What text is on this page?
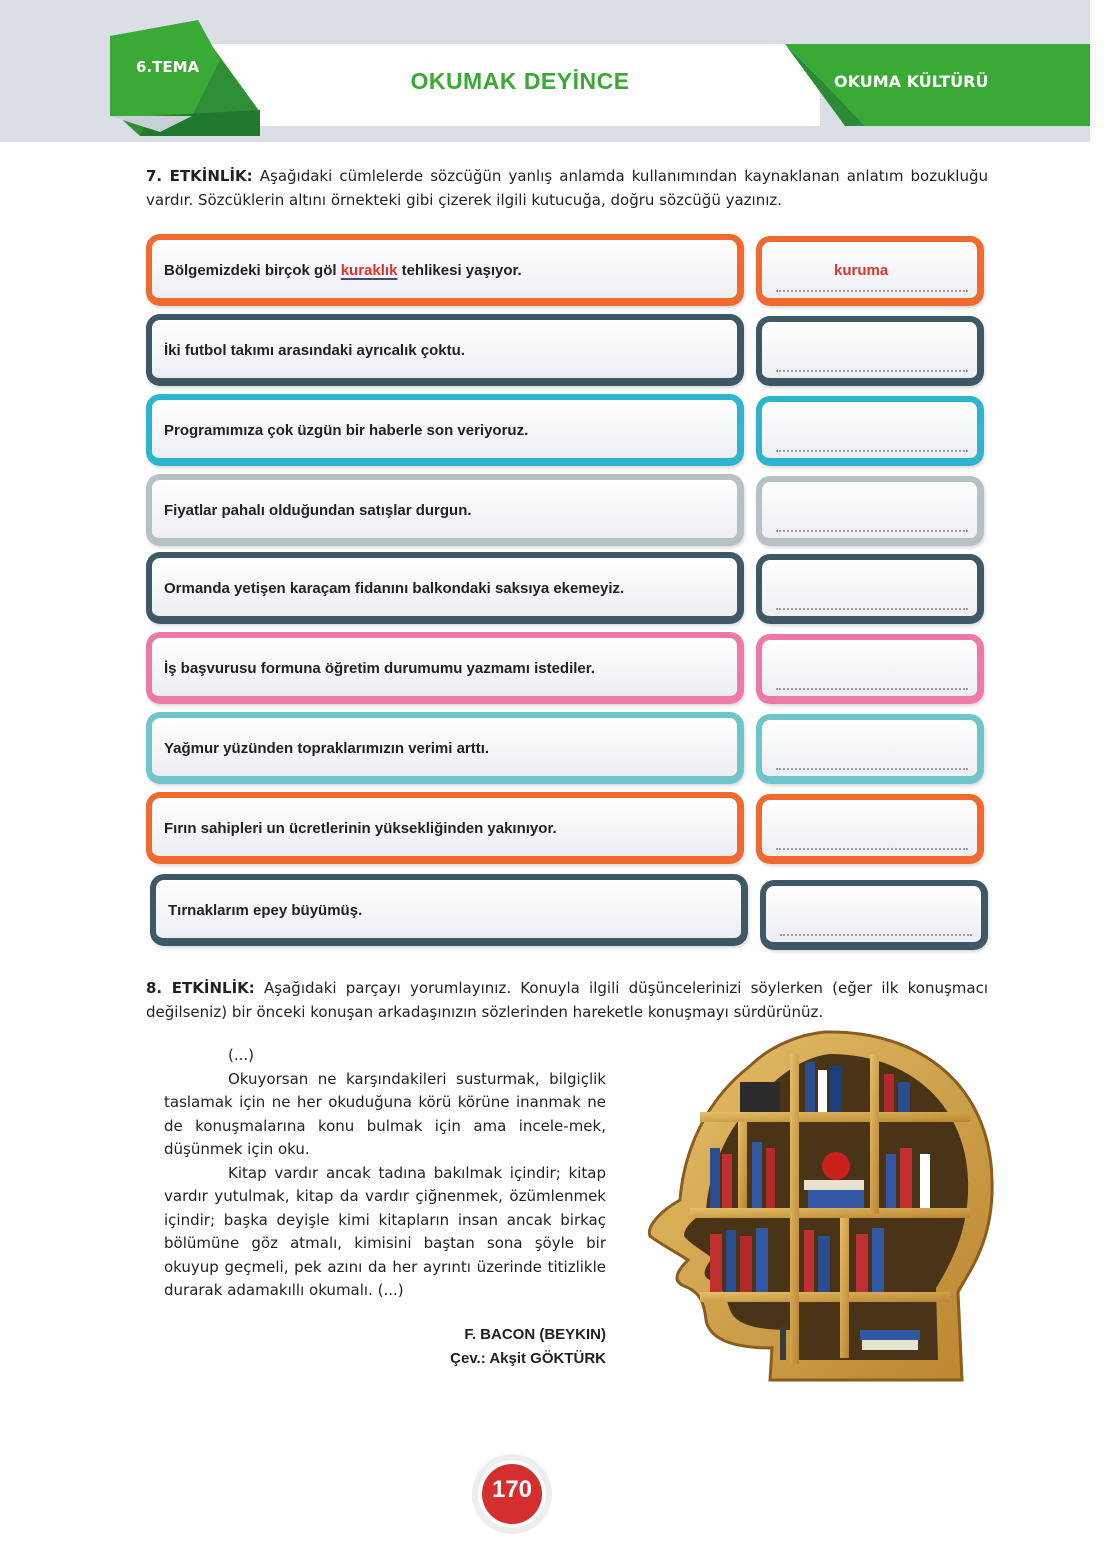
6.TEMA
OKUMA KÜLTÜRÜ
OKUMAK DEYİNCE
7. ETKİNLİK: Aşağıdaki cümlelerde sözcüğün yanlış anlamda kullanımından kaynaklanan anlatım bozukluğu vardır. Sözcüklerin altını örnekteki gibi çizerek ilgili kutucuğa, doğru sözcüğü yazınız.
Bölgemizdeki birçok göl kuraklık tehlikesi yaşıyor.	kuruma
İki futbol takımı arasındaki ayrıcalık çoktu.
Programımıza çok üzgün bir haberle son veriyoruz.
Fiyatlar pahalı olduğundan satışlar durgun.
Ormanda yetişen karaçam fidanını balkondaki saksıya ekemeyiz.
İş başvurusu formuna öğretim durumumu yazmamı istediler.
Yağmur yüzünden topraklarımızın verimi arttı.
Fırın sahipleri un ücretlerinin yüksekliğinden yakınıyor.
Tırnaklarım epey büyümüş.
8. ETKİNLİK: Aşağıdaki parçayı yorumlayınız. Konuyla ilgili düşüncelerinizi söylerken (eğer ilk konuşmacı değilseniz) bir önceki konuşan arkadaşınızın sözlerinden hareketle konuşmayı sürdürünüz.

(...)

Okuyorsan ne karşındakileri susturmak, bilgiçlik taslamak için ne her okuduğuna körü körüne inanmak ne de konuşmalarına konu bulmak için ama incele-mek, düşünmek için oku.

Kitap vardır ancak tadına bakılmak içindir; kitap vardır yutulmak, kitap da vardır çiğnenmek, özümlenmek içindir; başka deyişle kimi kitapların insan ancak birkaç bölümüne göz atmalı, kimisini baştan sona şöyle bir okuyup geçmeli, pek azını da her ayrıntı üzerinde titizlikle durarak adamakıllı okumalı. (...)

F. BACON (BEYKIN)
Çev.: Akşit GÖKTÜRK
170
